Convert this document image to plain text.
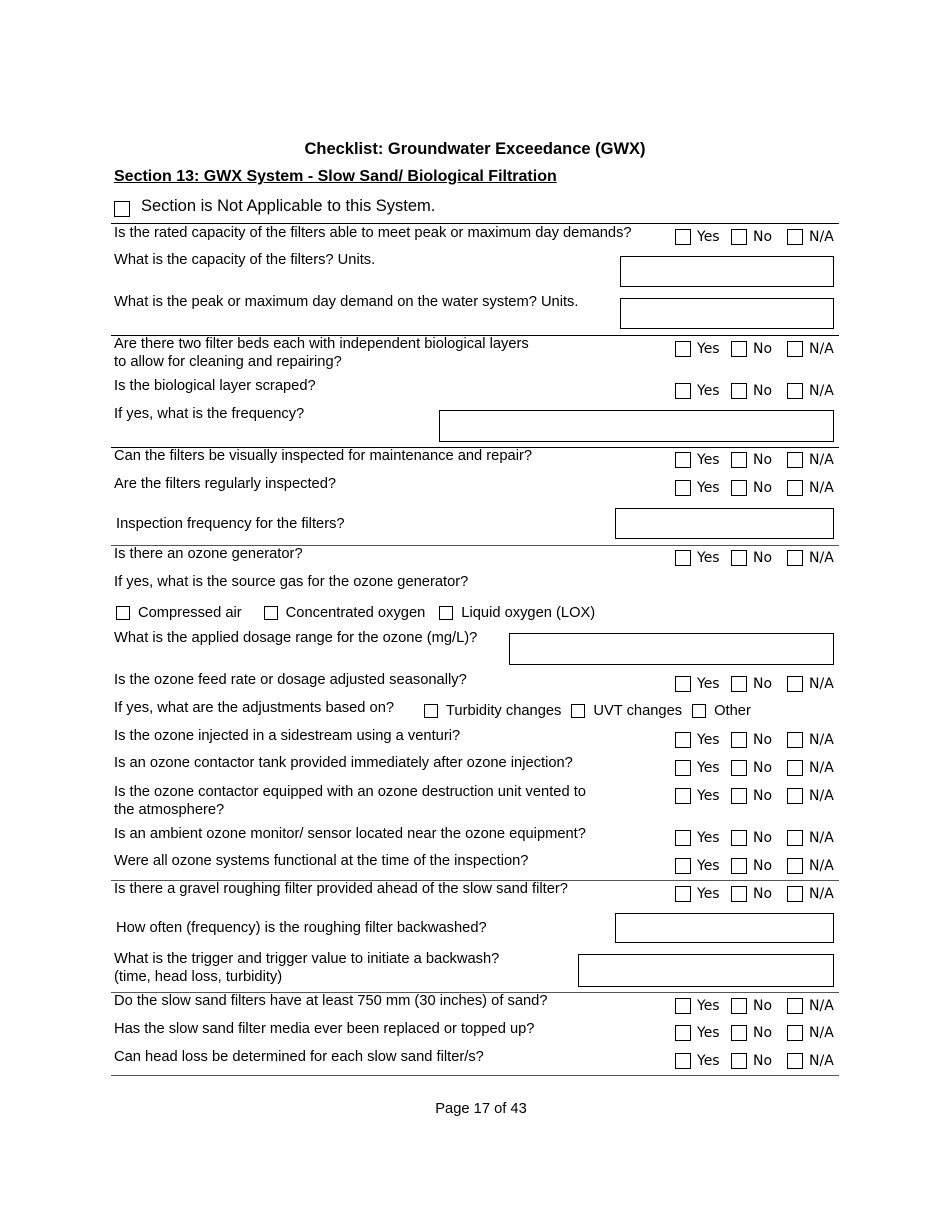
Checklist: Groundwater Exceedance (GWX)
Section 13: GWX System - Slow Sand/ Biological Filtration
Section is Not Applicable to this System.
Is the rated capacity of the filters able to meet peak or maximum day demands?	Yes No	N/A
What is the capacity of the filters? Units.
What is the peak or maximum day demand on the water system? Units.
Are there two filter beds each with independent biological layers
to allow for cleaning and repairing?
Yes No	N/A
Is the biological layer scraped?	Yes No	N/A
If yes, what is the frequency?
Can the filters be visually inspected for maintenance and repair?	Yes No	N/A
Are the filters regularly inspected?	Yes No	N/A
Inspection frequency for the filters?
Is there an ozone generator?	Yes No	N/A
If yes, what is the source gas for the ozone generator?
Compressed air	Concentrated oxygen Liquid oxygen (LOX)
What is the applied dosage range for the ozone (mg/L)?
Is the ozone feed rate or dosage adjusted seasonally?	Yes No	N/A
If yes, what are the adjustments based on?	Turbidity changes UVT changes Other
Is the ozone injected in a sidestream using a venturi?	Yes No	N/A
Is an ozone contactor tank provided immediately after ozone injection?	Yes No	N/A
Is the ozone contactor equipped with an ozone destruction unit vented to
the atmosphere?
Yes No	N/A
Is an ambient ozone monitor/ sensor located near the ozone equipment?	Yes No	N/A
Were all ozone systems functional at the time of the inspection?	Yes No	N/A
Is there a gravel roughing filter provided ahead of the slow sand filter?	Yes No	N/A
How often (frequency) is the roughing filter backwashed?
What is the trigger and trigger value to initiate a backwash?
(time, head loss, turbidity)
Do the slow sand filters have at least 750 mm (30 inches) of sand?	Yes No	N/A
Has the slow sand filter media ever been replaced or topped up?	Yes No	N/A
Can head loss be determined for each slow sand filter/s?	Yes No	N/A
Page 17 of 43
